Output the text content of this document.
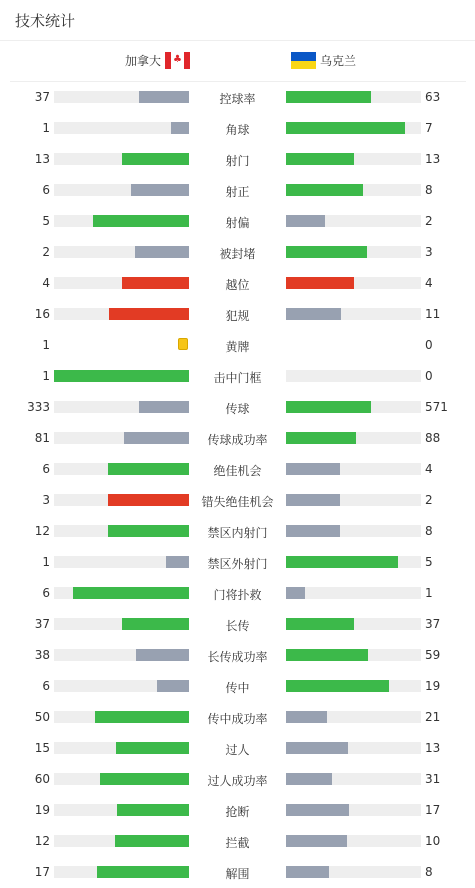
技术统计
加拿大 ♣	乌克兰
37	控球率	63
1	角球	7
13	射门	13
6	射正	8
5	射偏	2
2	被封堵	3
4	越位	4
16	犯规	11
1	黄牌	0
1	击中门框	0
333	传球	571
81	传球成功率	88
6	绝佳机会	4
3	错失绝佳机会	2
12	禁区内射门	8
1	禁区外射门	5
6	门将扑救	1
37	长传	37
38	长传成功率	59
6	传中	19
50	传中成功率	21
15	过人	13
60	过人成功率	31
19	抢断	17
12	拦截	10
17	解围	8
